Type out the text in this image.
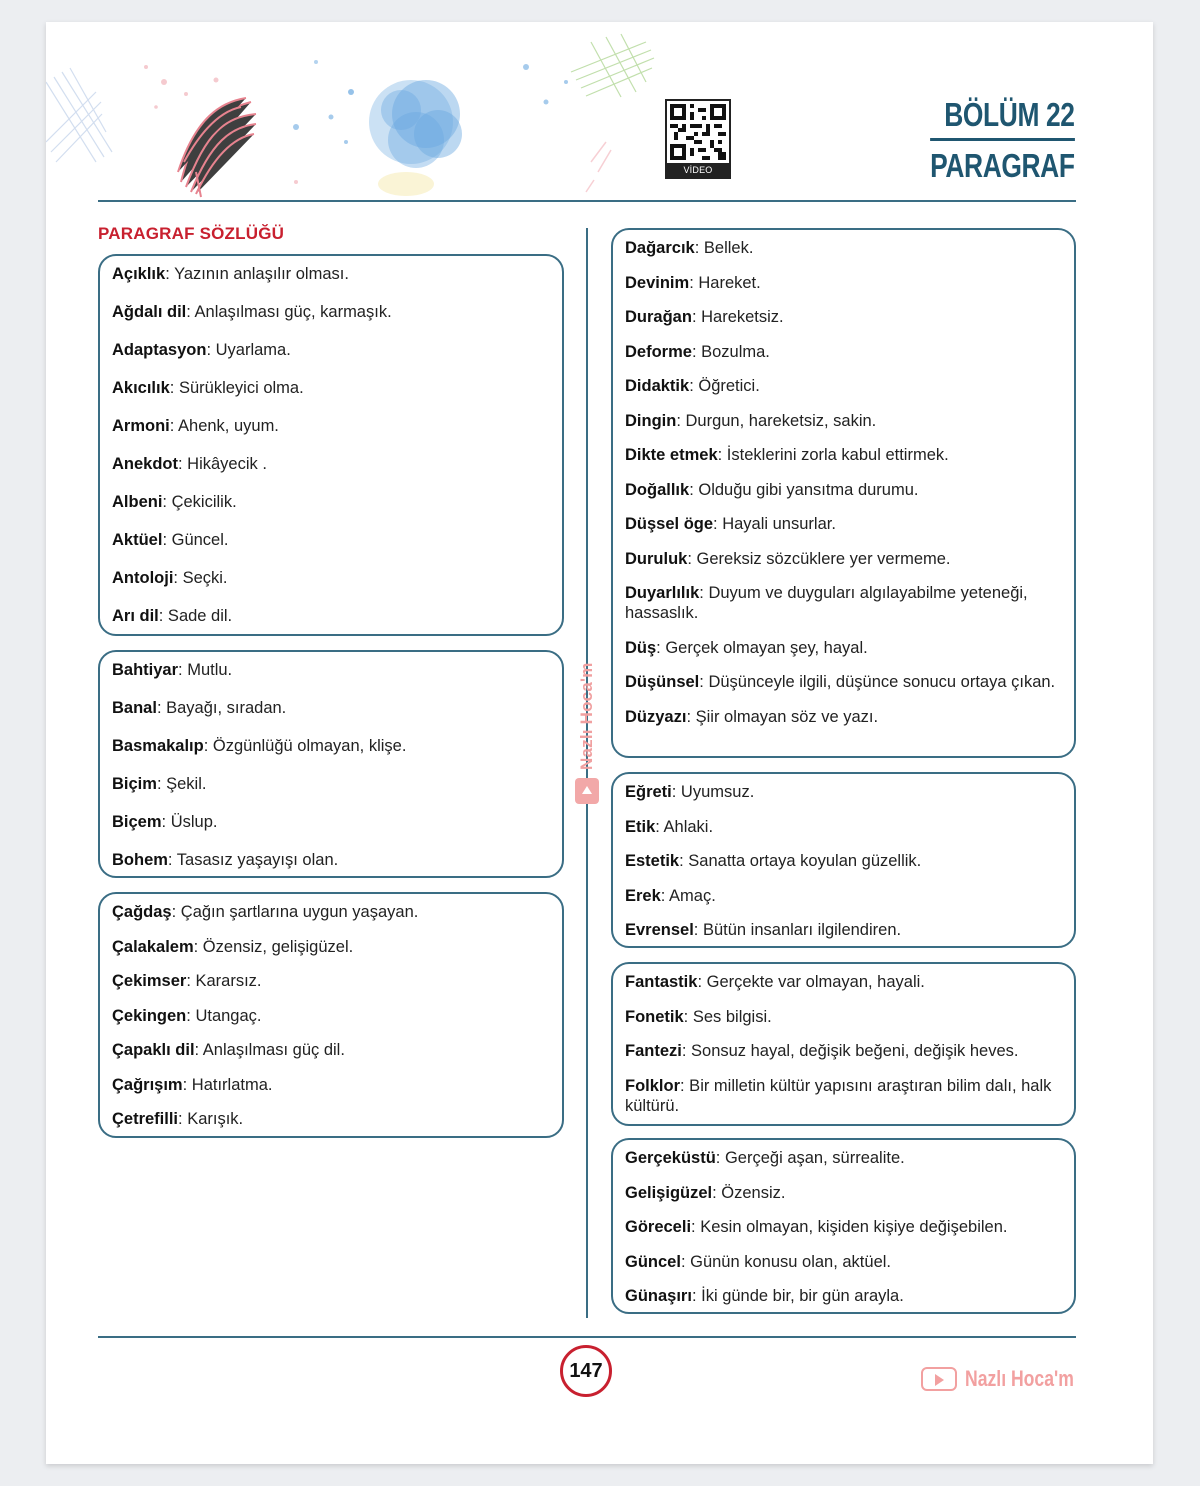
VİDEO DERSLER
BÖLÜM 22
PARAGRAF
PARAGRAF SÖZLÜĞÜ
Nazlı Hoca'm
Açıklık: Yazının anlaşılır olması.
Ağdalı dil: Anlaşılması güç, karmaşık.
Adaptasyon: Uyarlama.
Akıcılık: Sürükleyici olma.
Armoni: Ahenk, uyum.
Anekdot: Hikâyecik .
Albeni: Çekicilik.
Aktüel: Güncel.
Antoloji: Seçki.
Arı dil: Sade dil.
Bahtiyar: Mutlu.
Banal: Bayağı, sıradan.
Basmakalıp: Özgünlüğü olmayan, klişe.
Biçim: Şekil.
Biçem: Üslup.
Bohem: Tasasız yaşayışı olan.
Çağdaş: Çağın şartlarına uygun yaşayan.
Çalakalem: Özensiz, gelişigüzel.
Çekimser: Kararsız.
Çekingen: Utangaç.
Çapaklı dil: Anlaşılması güç dil.
Çağrışım: Hatırlatma.
Çetrefilli: Karışık.
Dağarcık: Bellek.
Devinim: Hareket.
Durağan: Hareketsiz.
Deforme: Bozulma.
Didaktik: Öğretici.
Dingin: Durgun, hareketsiz, sakin.
Dikte etmek: İsteklerini zorla kabul ettirmek.
Doğallık: Olduğu gibi yansıtma durumu.
Düşsel öge: Hayali unsurlar.
Duruluk: Gereksiz sözcüklere yer vermeme.
Duyarlılık: Duyum ve duyguları algılayabilme yeteneği, hassaslık.
Düş: Gerçek olmayan şey, hayal.
Düşünsel: Düşünceyle ilgili, düşünce sonucu ortaya çıkan.
Düzyazı: Şiir olmayan söz ve yazı.
Eğreti: Uyumsuz.
Etik: Ahlaki.
Estetik: Sanatta ortaya koyulan güzellik.
Erek: Amaç.
Evrensel: Bütün insanları ilgilendiren.
Fantastik: Gerçekte var olmayan, hayali.
Fonetik: Ses bilgisi.
Fantezi: Sonsuz hayal, değişik beğeni, değişik heves.
Folklor: Bir milletin kültür yapısını araştıran bilim dalı, halk kültürü.
Gerçeküstü: Gerçeği aşan, sürrealite.
Gelişigüzel: Özensiz.
Göreceli: Kesin olmayan, kişiden kişiye değişebilen.
Güncel: Günün konusu olan, aktüel.
Günaşırı: İki günde bir, bir gün arayla.
147	Nazlı Hoca'm
